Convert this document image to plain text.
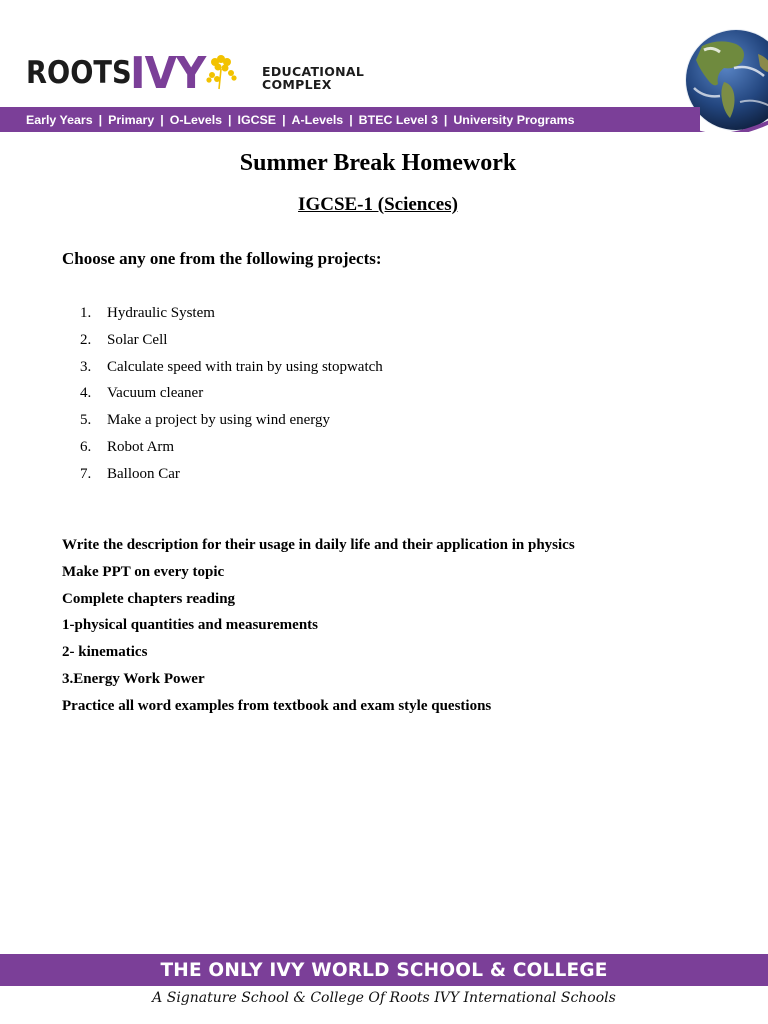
ROOTS
IVY	EDUCATIONAL
COMPLEX
Early Years | Primary | O-Levels | IGCSE | A-Levels | BTEC Level 3 | University Programs
Summer Break Homework
IGCSE-1 (Sciences)
Choose any one from the following projects:
1.	Hydraulic System
2.	Solar Cell
3.	Calculate speed with train by using stopwatch
4.	Vacuum cleaner
5.	Make a project by using wind energy
6.	Robot Arm
7.	Balloon Car
Write the description for their usage in daily life and their application in physics
Make PPT on every topic
Complete chapters reading
1-physical quantities and measurements
2- kinematics
3.Energy Work Power
Practice all word examples from textbook and exam style questions
THE ONLY IVY WORLD SCHOOL & COLLEGE
A Signature School & College Of Roots IVY International Schools
